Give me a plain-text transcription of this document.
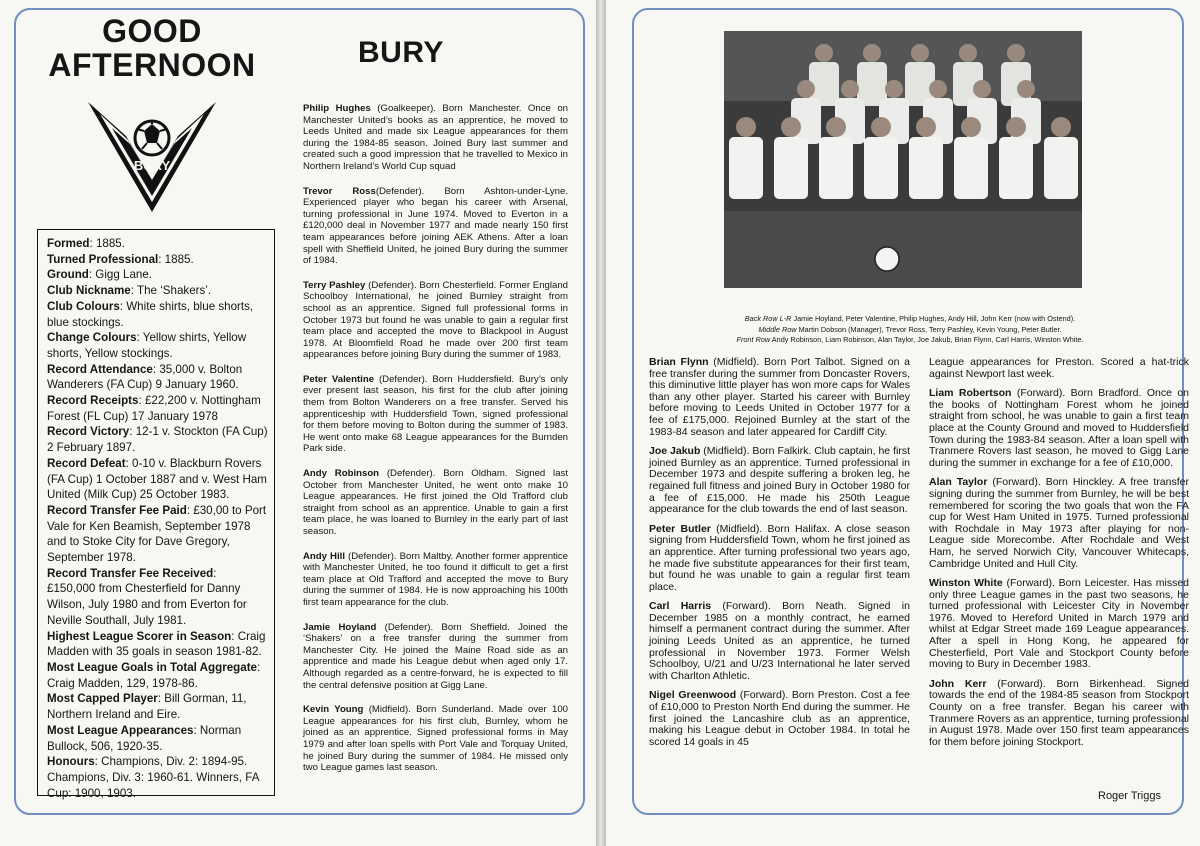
GOOD
AFTERNOON
BURY
BURY

Formed: 1885.

Turned Professional: 1885.

Ground: Gigg Lane.

Club Nickname: The ‘Shakers’.

Club Colours: White shirts, blue shorts, blue stockings.

Change Colours: Yellow shirts, Yellow shorts, Yellow stockings.

Record Attendance: 35,000 v. Bolton Wanderers (FA Cup) 9 January 1960.

Record Receipts: £22,200 v. Nottingham Forest (FL Cup) 17 January 1978

Record Victory: 12-1 v. Stockton (FA Cup) 2 February 1897.

Record Defeat: 0-10 v. Blackburn Rovers (FA Cup) 1 October 1887 and v. West Ham United (Milk Cup) 25 October 1983.

Record Transfer Fee Paid: £30,00 to Port Vale for Ken Beamish, September 1978 and to Stoke City for Dave Gregory, September 1978.

Record Transfer Fee Received: £150,000 from Chesterfield for Danny Wilson, July 1980 and from Everton for Neville Southall, July 1981.

Highest League Scorer in Season: Craig Madden with 35 goals in season 1981-82.

Most League Goals in Total Aggregate: Craig Madden, 129, 1978-86.

Most Capped Player: Bill Gorman, 11, Northern Ireland and Eire.

Most League Appearances: Norman Bullock, 506, 1920-35.

Honours: Champions, Div. 2: 1894-95. Champions, Div. 3: 1960-61. Winners, FA Cup: 1900, 1903.

Philip Hughes (Goalkeeper). Born Manchester. Once on Manchester United’s books as an apprentice, he moved to Leeds United and made six League appearances for them during the 1984-85 season. Joined Bury last summer and created such a good impression that he travelled to Mexico in Northern Ireland’s World Cup squad

Trevor Ross(Defender). Born Ashton-under-Lyne. Experienced player who began his career with Arsenal, turning professional in June 1974. Moved to Everton in a £120,000 deal in November 1977 and made nearly 150 first team appearances before joining AEK Athens. After a loan spell with Sheffield United, he joined Bury during the summer of 1984.

Terry Pashley (Defender). Born Chesterfield. Former England Schoolboy International, he joined Burnley straight from school as an apprentice. Signed full professional forms in October 1973 but found he was unable to gain a regular first team place and accepted the move to Blackpool in August 1978. At Bloomfield Road he made over 200 first team appearances before joining Bury during the summer of 1983.

Peter Valentine (Defender). Born Huddersfield. Bury’s only ever present last season, his first for the club after joining them from Bolton Wanderers on a free transfer. Served his apprenticeship with Huddersfield Town, signed professional for them before moving to Bolton during the summer of 1983. He went onto make 68 League appearances for the Burnden Park side.

Andy Robinson (Defender). Born Oldham. Signed last October from Manchester United, he went onto make 10 League appearances. He first joined the Old Trafford club straight from school as an apprentice. Unable to gain a first team place, he was loaned to Burnley in the early part of last season.

Andy Hill (Defender). Born Maltby. Another former apprentice with Manchester United, he too found it difficult to get a first team place at Old Trafford and accepted the move to Bury during the summer of 1984. He is now approaching his 100th first team appearance for the club.

Jamie Hoyland (Defender). Born Sheffield. Joined the ‘Shakers’ on a free transfer during the summer from Manchester City. He joined the Maine Road side as an apprentice and made his League debut when aged only 17. Although regarded as a centre-forward, he is expected to fill the central defensive position at Gigg Lane.

Kevin Young (Midfield). Born Sunderland. Made over 100 League appearances for his first club, Burnley, whom he joined as an apprentice. Signed professional forms in May 1979 and after loan spells with Port Vale and Torquay United, he joined Bury during the summer of 1984. He missed only two League games last season.

Back Row L-R Jamie Hoyland, Peter Valentine, Philip Hughes, Andy Hill, John Kerr (now with Ostend).
Middle Row Martin Dobson (Manager), Trevor Ross, Terry Pashley, Kevin Young, Peter Butler.
Front Row Andy Robinson, Liam Robinson, Alan Taylor, Joe Jakub, Brian Flynn, Carl Harris, Winston White.

Brian Flynn (Midfield). Born Port Talbot. Signed on a free transfer during the summer from Doncaster Rovers, this diminutive little player has won more caps for Wales than any other player. Started his career with Burnley before moving to Leeds United in October 1977 for a fee of £175,000. Rejoined Burnley at the start of the 1983-84 season and later appeared for Cardiff City.

Joe Jakub (Midfield). Born Falkirk. Club captain, he first joined Burnley as an apprentice. Turned professional in December 1973 and despite suffering a broken leg, he regained full fitness and joined Bury in October 1980 for a fee of £15,000. He made his 250th League appearance for the club towards the end of last season.

Peter Butler (Midfield). Born Halifax. A close season signing from Huddersfield Town, whom he first joined as an apprentice. After turning professional two years ago, he made five substitute appearances for their first team, but found he was unable to gain a regular first team place.

Carl Harris (Forward). Born Neath. Signed in December 1985 on a monthly contract, he earned himself a permanent contract during the summer. After joining Leeds United as an apprentice, he turned professional in November 1973. Former Welsh Schoolboy, U/21 and U/23 International he later served with Charlton Athletic.

Nigel Greenwood (Forward). Born Preston. Cost a fee of £10,000 to Preston North End during the summer. He first joined the Lancashire club as an apprentice, making his League debut in October 1984. In total he scored 14 goals in 45

League appearances for Preston. Scored a hat-trick against Newport last week.

Liam Robertson (Forward). Born Bradford. Once on the books of Nottingham Forest whom he joined straight from school, he was unable to gain a first team place at the County Ground and moved to Huddersfield Town during the 1983-84 season. After a loan spell with Tranmere Rovers last season, he moved to Gigg Lane during the summer in exchange for a fee of £10,000.

Alan Taylor (Forward). Born Hinckley. A free transfer signing during the summer from Burnley, he will be best remembered for scoring the two goals that won the FA cup for West Ham United in 1975. Turned professional with Rochdale in May 1973 after playing for non-League side Morecombe. After Rochdale and West Ham, he served Norwich City, Vancouver Whitecaps, Cambridge United and Hull City.

Winston White (Forward). Born Leicester. Has missed only three League games in the past two seasons, he turned professional with Leicester City in November 1976. Moved to Hereford United in March 1979 and whilst at Edgar Street made 169 League appearances. After a spell in Hong Kong, he appeared for Chesterfield, Port Vale and Stockport County before moving to Bury in December 1983.

John Kerr (Forward). Born Birkenhead. Signed towards the end of the 1984-85 season from Stockport County on a free transfer. Began his career with Tranmere Rovers as an apprentice, turning professional in August 1978. Made over 150 first team appearances for them before joining Stockport.

Roger Triggs
